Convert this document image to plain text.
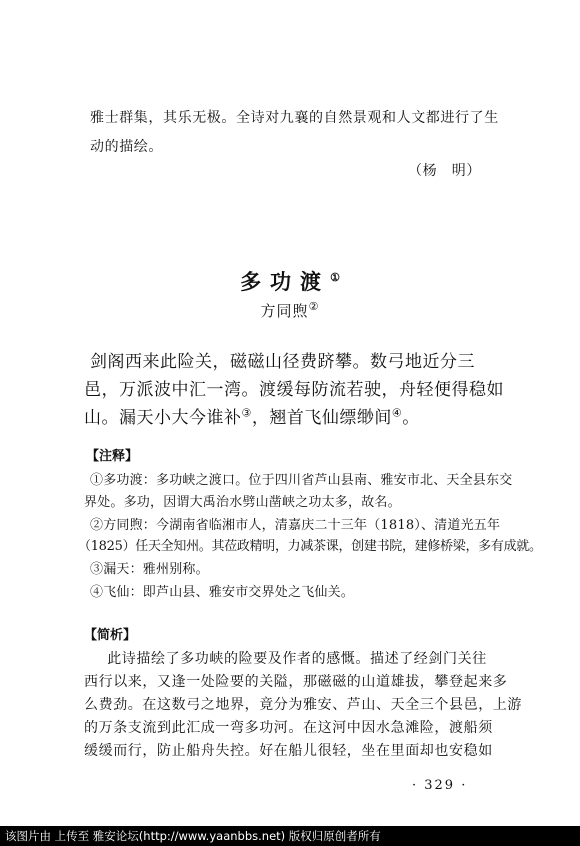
雅士群集，其乐无极。全诗对九襄的自然景观和人文都进行了生

动的描绘。

（杨　明）

多功渡①
方同煦②

剑阁西来此险关，磁磁山径费跻攀。数弓地近分三

邑，万派波中汇一湾。渡缓每防流若驶，舟轻便得稳如

山。漏天小大今谁补③，翘首飞仙缥缈间④。

【注释】

①多功渡：多功峡之渡口。位于四川省芦山县南、雅安市北、天全县东交

界处。多功，因谓大禹治水劈山凿峡之功太多，故名。

②方同煦：今湖南省临湘市人，清嘉庆二十三年（1818）、清道光五年

（1825）任天全知州。其莅政精明，力减茶课，创建书院，建修桥梁，多有成就。

③漏天：雅州别称。

④飞仙：即芦山县、雅安市交界处之飞仙关。

【简析】

　　此诗描绘了多功峡的险要及作者的感慨。描述了经剑门关往

西行以来，又逢一处险要的关隘，那磁磁的山道雄拔，攀登起来多

么费劲。在这数弓之地界，竟分为雅安、芦山、天全三个县邑，上游

的万条支流到此汇成一弯多功河。在这河中因水急滩险，渡船须

缓缓而行，防止船舟失控。好在船儿很轻，坐在里面却也安稳如

· 329 ·
该图片由 上传至 雅安论坛(http://www.yaanbbs.net) 版权归原创者所有
